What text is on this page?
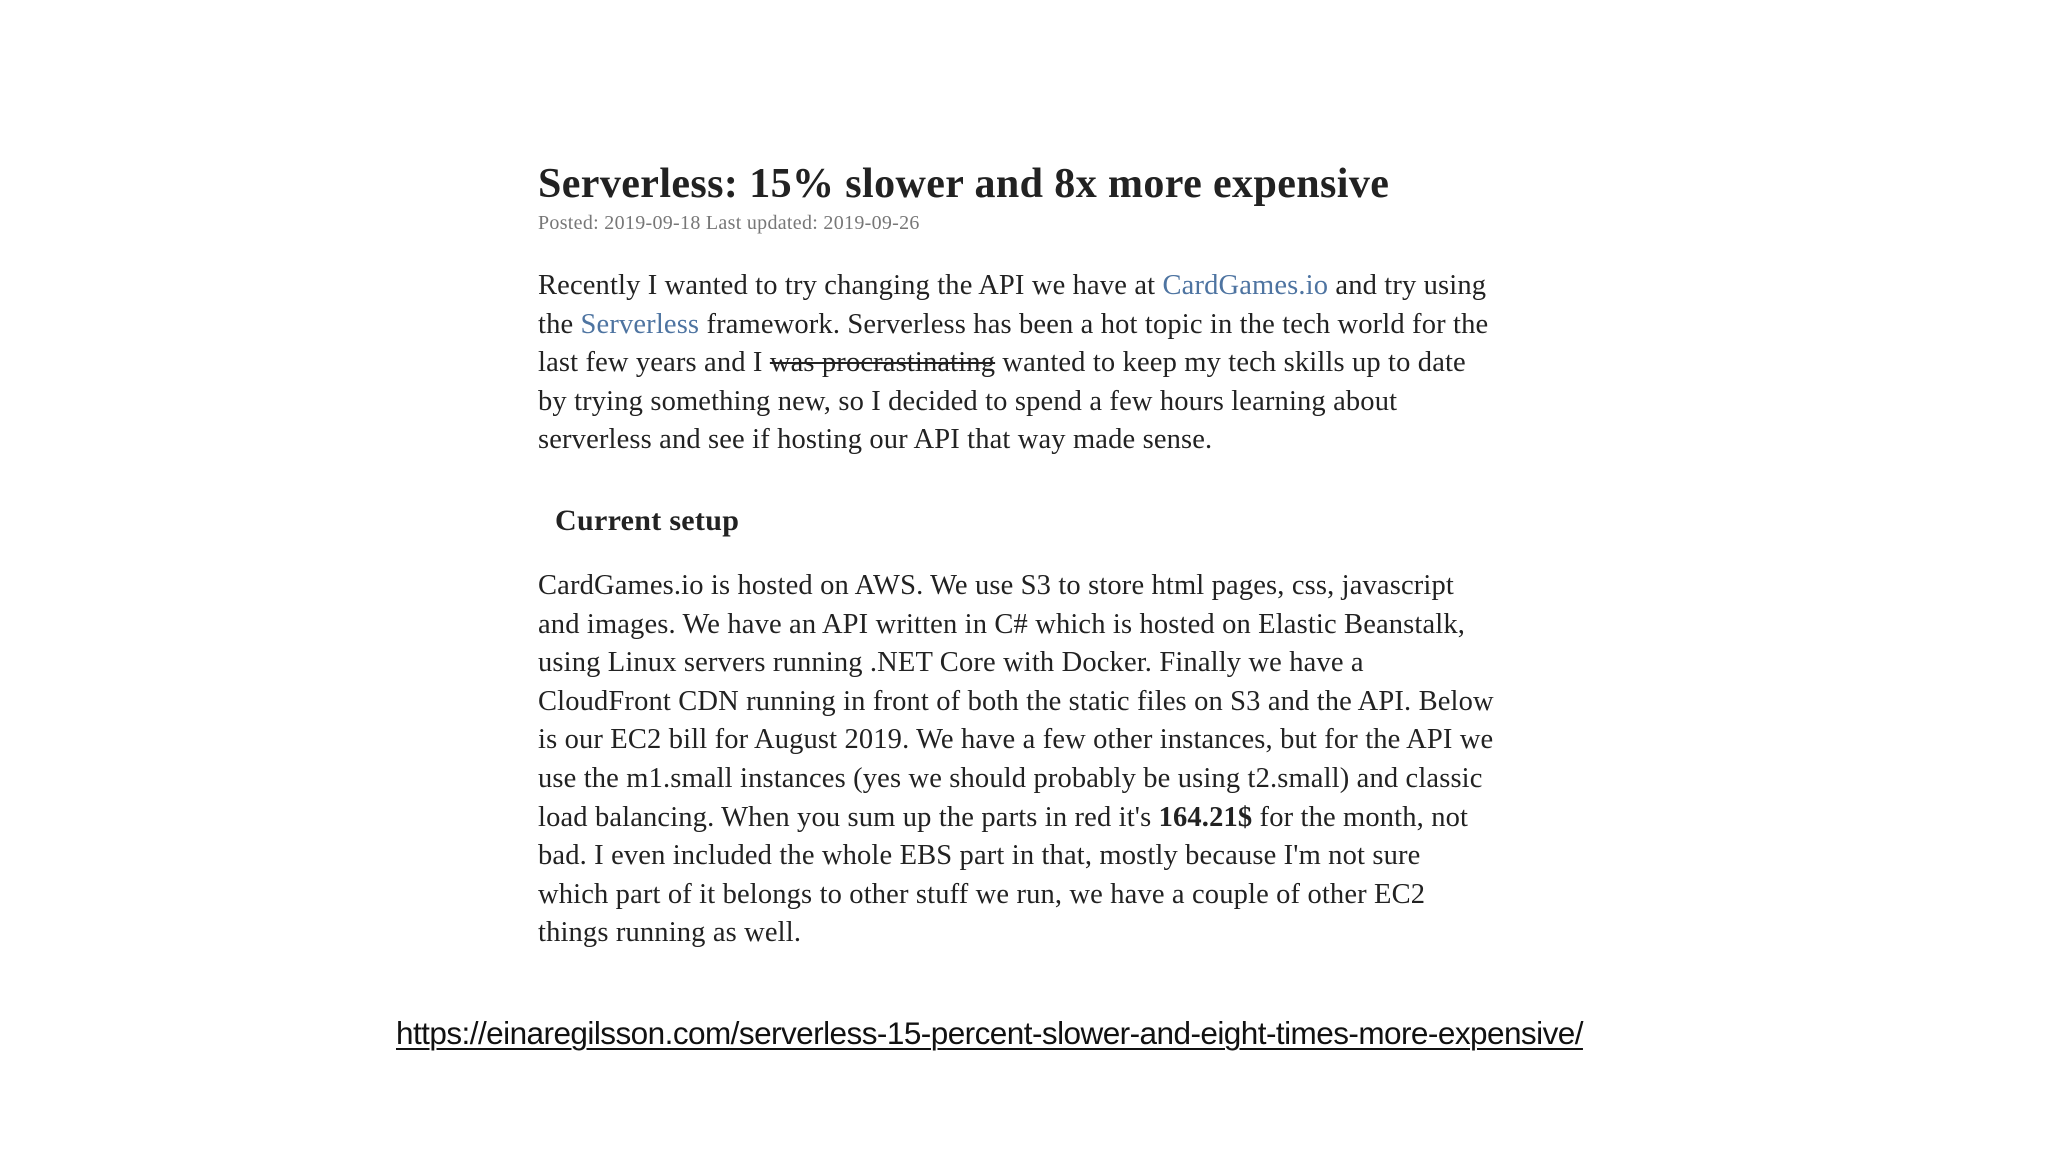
Serverless: 15% slower and 8x more expensive
Posted: 2019-09-18 Last updated: 2019-09-26

Recently I wanted to try changing the API we have at CardGames.io and try using
the Serverless framework. Serverless has been a hot topic in the tech world for the
last few years and I was procrastinating wanted to keep my tech skills up to date
by trying something new, so I decided to spend a few hours learning about
serverless and see if hosting our API that way made sense.

Current setup

CardGames.io is hosted on AWS. We use S3 to store html pages, css, javascript
and images. We have an API written in C# which is hosted on Elastic Beanstalk,
using Linux servers running .NET Core with Docker. Finally we have a
CloudFront CDN running in front of both the static files on S3 and the API. Below
is our EC2 bill for August 2019. We have a few other instances, but for the API we
use the m1.small instances (yes we should probably be using t2.small) and classic
load balancing. When you sum up the parts in red it's 164.21$ for the month, not
bad. I even included the whole EBS part in that, mostly because I'm not sure
which part of it belongs to other stuff we run, we have a couple of other EC2
things running as well.

https://einaregilsson.com/serverless-15-percent-slower-and-eight-times-more-expensive/
